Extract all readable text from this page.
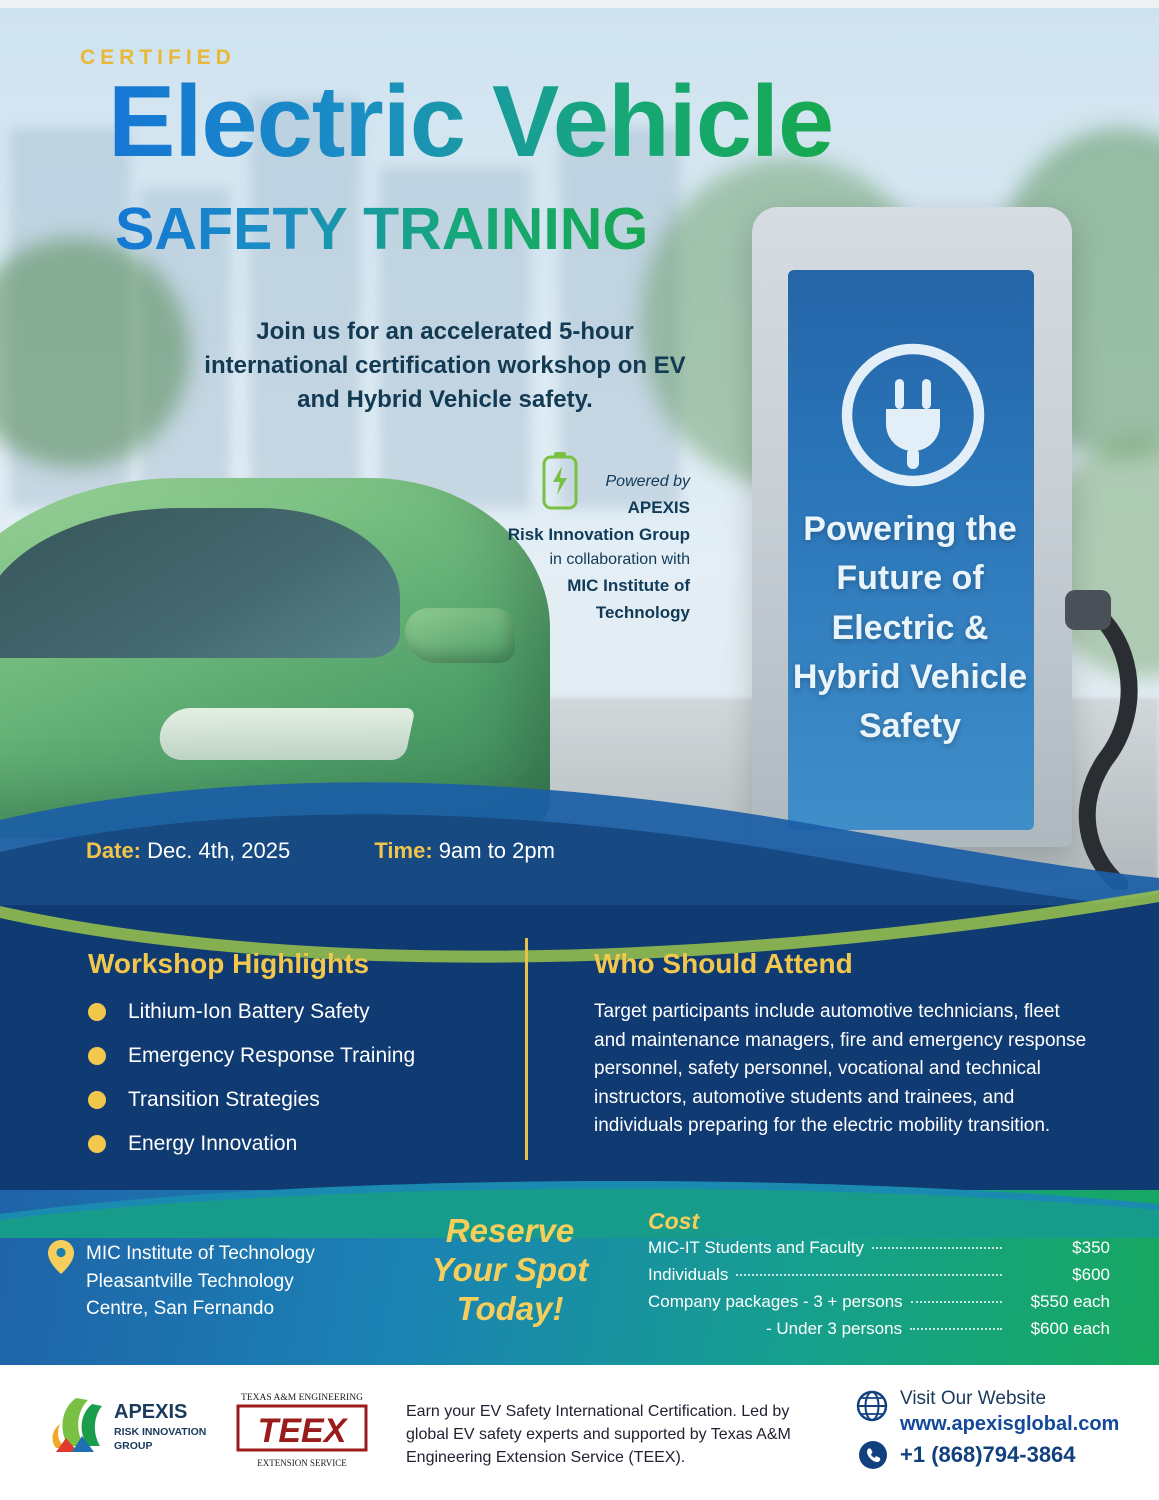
Powering the Future of Electric & Hybrid Vehicle Safety
CERTIFIED
Electric Vehicle
SAFETY TRAINING
Join us for an accelerated 5-hour international certification workshop on EV and Hybrid Vehicle safety.
Powered by
APEXIS
Risk Innovation Group
in collaboration with
MIC Institute of
Technology
Date: Dec. 4th, 2025	Time: 9am to 2pm
Workshop Highlights	Who Should Attend
Lithium-Ion Battery Safety
Emergency Response Training
Transition Strategies
Energy Innovation
Target participants include automotive technicians, fleet and maintenance managers, fire and emergency response personnel, safety personnel, vocational and technical instructors, automotive students and trainees, and individuals preparing for the electric mobility transition.
MIC Institute of Technology
Pleasantville Technology
Centre, San Fernando
Reserve
Your Spot
Today!
Cost
MIC-IT Students and Faculty	$350
Individuals	$600
Company packages - 3 + persons	$550 each
- Under 3 persons	$600 each
APEXIS
RISK INNOVATION
GROUP
TEXAS A&M ENGINEERING
TEEX
EXTENSION SERVICE
Earn your EV Safety International Certification. Led by global EV safety experts and supported by Texas A&M Engineering Extension Service (TEEX).
Visit Our Website
www.apexisglobal.com
+1 (868)794-3864
